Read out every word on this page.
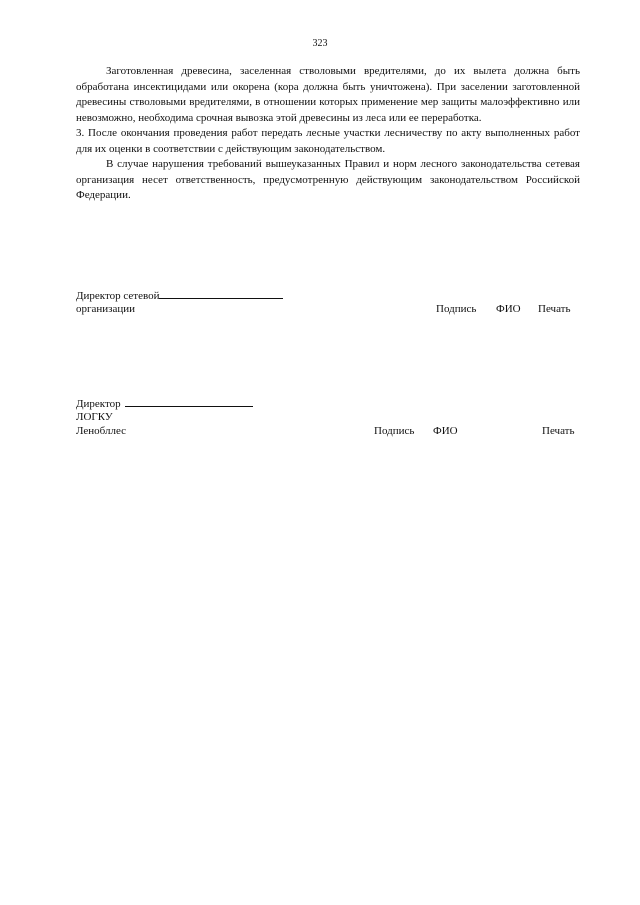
323

Заготовленная древесина, заселенная стволовыми вредителями, до их вылета должна быть обработана инсектицидами или окорена (кора должна быть уничтожена). При заселении заготовленной древесины стволовыми вредителями, в отношении которых применение мер защиты малоэффективно или невозможно, необходима срочная вывозка этой древесины из леса или ее переработка.

3. После окончания проведения работ передать лесные участки лесничеству по акту выполненных работ для их оценки в соответствии с действующим законодательством.

В случае нарушения требований вышеуказанных Правил и норм лесного законодательства сетевая организация несет ответственность, предусмотренную действующим законодательством Российской Федерации.

Директор сетевой
организации	Подпись ФИО Печать
Директор
ЛОГКУ
Ленобллес	Подпись ФИО	Печать
